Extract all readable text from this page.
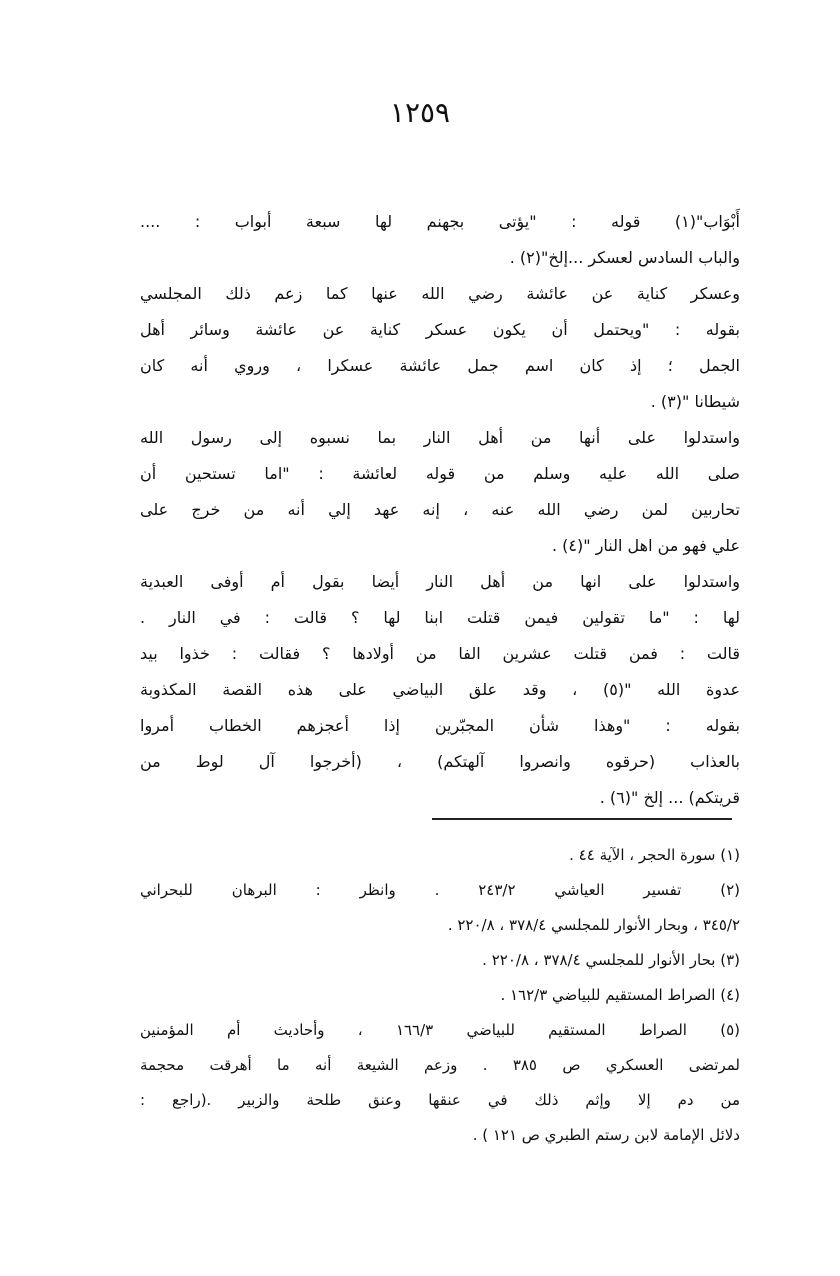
١٢٥٩
أَبْوَاب"(١) قوله : "يؤتى بجهنم لها سبعة أبواب : ....
والباب السادس لعسكر ...إلخ"(٢) .
وعسكر كناية عن عائشة رضي الله عنها كما زعم ذلك المجلسي
بقوله : "ويحتمل أن يكون عسكر كناية عن عائشة وسائر أهل
الجمل ؛ إذ كان اسم جمل عائشة عسكرا ، وروي أنه كان
شيطانا "(٣) .
واستدلوا على أنها من أهل النار بما نسبوه إلى رسول الله
صلى الله عليه وسلم من قوله لعائشة : "اما تستحين أن
تحاربين لمن رضي الله عنه ، إنه عهد إلي أنه من خرج على
علي فهو من اهل النار "(٤) .
واستدلوا على انها من أهل النار أيضا بقول أم أوفى العبدية
لها : "ما تقولين فيمن قتلت ابنا لها ؟ قالت : في النار .
قالت : فمن قتلت عشرين الفا من أولادها ؟ فقالت : خذوا بيد
عدوة الله "(٥) ، وقد علق البياضي على هذه القصة المكذوبة
بقوله : "وهذا شأن المجبّرين إذا أعجزهم الخطاب أمروا
بالعذاب (حرقوه وانصروا آلهتكم) ، (أخرجوا آل لوط من
قريتكم) ... إلخ "(٦) .
(١) سورة الحجر ، الآية ٤٤ .
(٢) تفسير العياشي ٢٤٣/٢ . وانظر : البرهان للبحراني
٣٤٥/٢ ، وبحار الأنوار للمجلسي ٣٧٨/٤ ، ٢٢٠/٨ .
(٣) بحار الأنوار للمجلسي ٣٧٨/٤ ، ٢٢٠/٨ .
(٤) الصراط المستقيم للبياضي ١٦٢/٣ .
(٥) الصراط المستقيم للبياضي ١٦٦/٣ ، وأحاديث أم المؤمنين
لمرتضى العسكري ص ٣٨٥ . وزعم الشيعة أنه ما أهرقت محجمة
من دم إلا وإثم ذلك في عنقها وعنق طلحة والزبير .(راجع :
دلائل الإمامة لابن رستم الطبري ص ١٢١ ) .
